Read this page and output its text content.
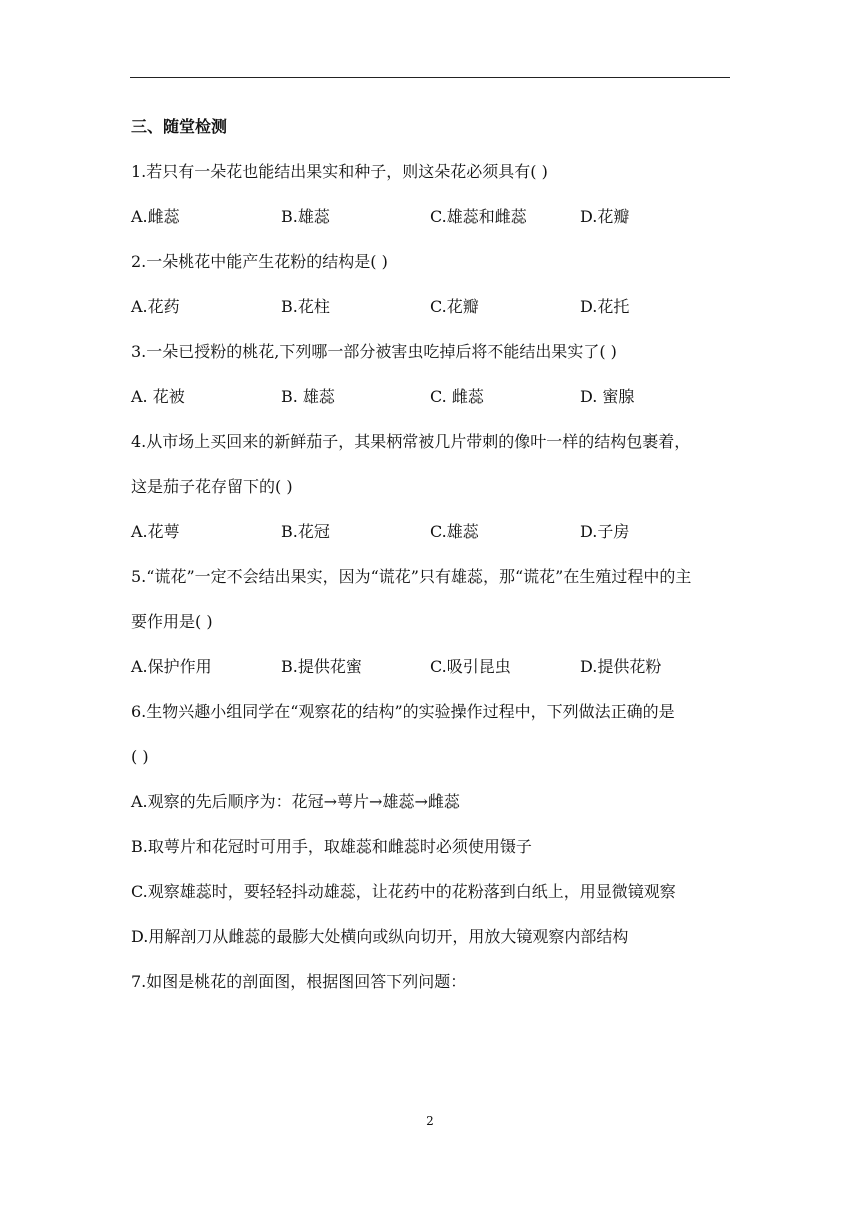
三、随堂检测
1.若只有一朵花也能结出果实和种子，则这朵花必须具有( )
A.雌蕊	B.雄蕊	C.雄蕊和雌蕊	D.花瓣
2.一朵桃花中能产生花粉的结构是( )
A.花药	B.花柱	C.花瓣	D.花托
3.一朵已授粉的桃花,下列哪一部分被害虫吃掉后将不能结出果实了( )
A. 花被	B. 雄蕊	C. 雌蕊	D. 蜜腺
4.从市场上买回来的新鲜茄子，其果柄常被几片带刺的像叶一样的结构包裹着，
这是茄子花存留下的( )
A.花萼	B.花冠	C.雄蕊	D.子房
5.“谎花”一定不会结出果实，因为“谎花”只有雄蕊，那“谎花”在生殖过程中的主
要作用是( )
A.保护作用	B.提供花蜜	C.吸引昆虫	D.提供花粉
6.生物兴趣小组同学在“观察花的结构”的实验操作过程中，下列做法正确的是
( )
A.观察的先后顺序为：花冠→萼片→雄蕊→雌蕊
B.取萼片和花冠时可用手，取雄蕊和雌蕊时必须使用镊子
C.观察雄蕊时，要轻轻抖动雄蕊，让花药中的花粉落到白纸上，用显微镜观察
D.用解剖刀从雌蕊的最膨大处横向或纵向切开，用放大镜观察内部结构
7.如图是桃花的剖面图，根据图回答下列问题：
2
